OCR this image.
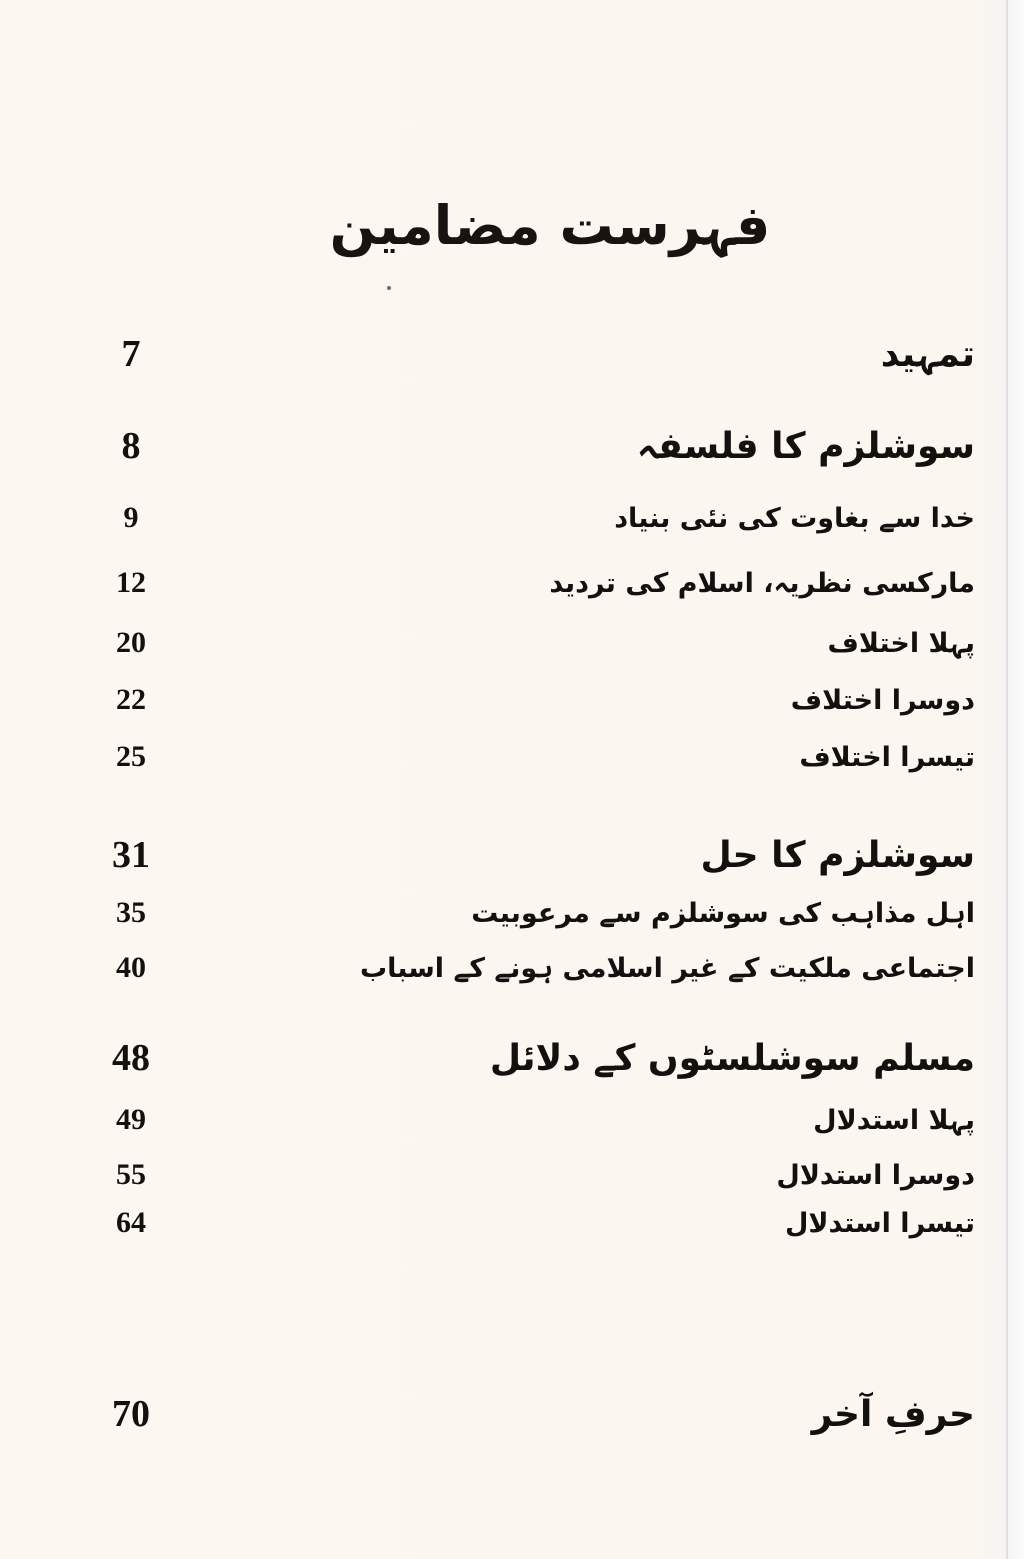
فہرست مضامین
7	تمہید
8	سوشلزم کا فلسفہ
9	خدا سے بغاوت کی نئی بنیاد
12	مارکسی نظریہ، اسلام کی تردید
20	پہلا اختلاف
22	دوسرا اختلاف
25	تیسرا اختلاف
31	سوشلزم کا حل
35	اہل مذاہب کی سوشلزم سے مرعوبیت
40	اجتماعی ملکیت کے غیر اسلامی ہونے کے اسباب
48	مسلم سوشلسٹوں کے دلائل
49	پہلا استدلال
55	دوسرا استدلال
64	تیسرا استدلال
70	حرفِ آخر
